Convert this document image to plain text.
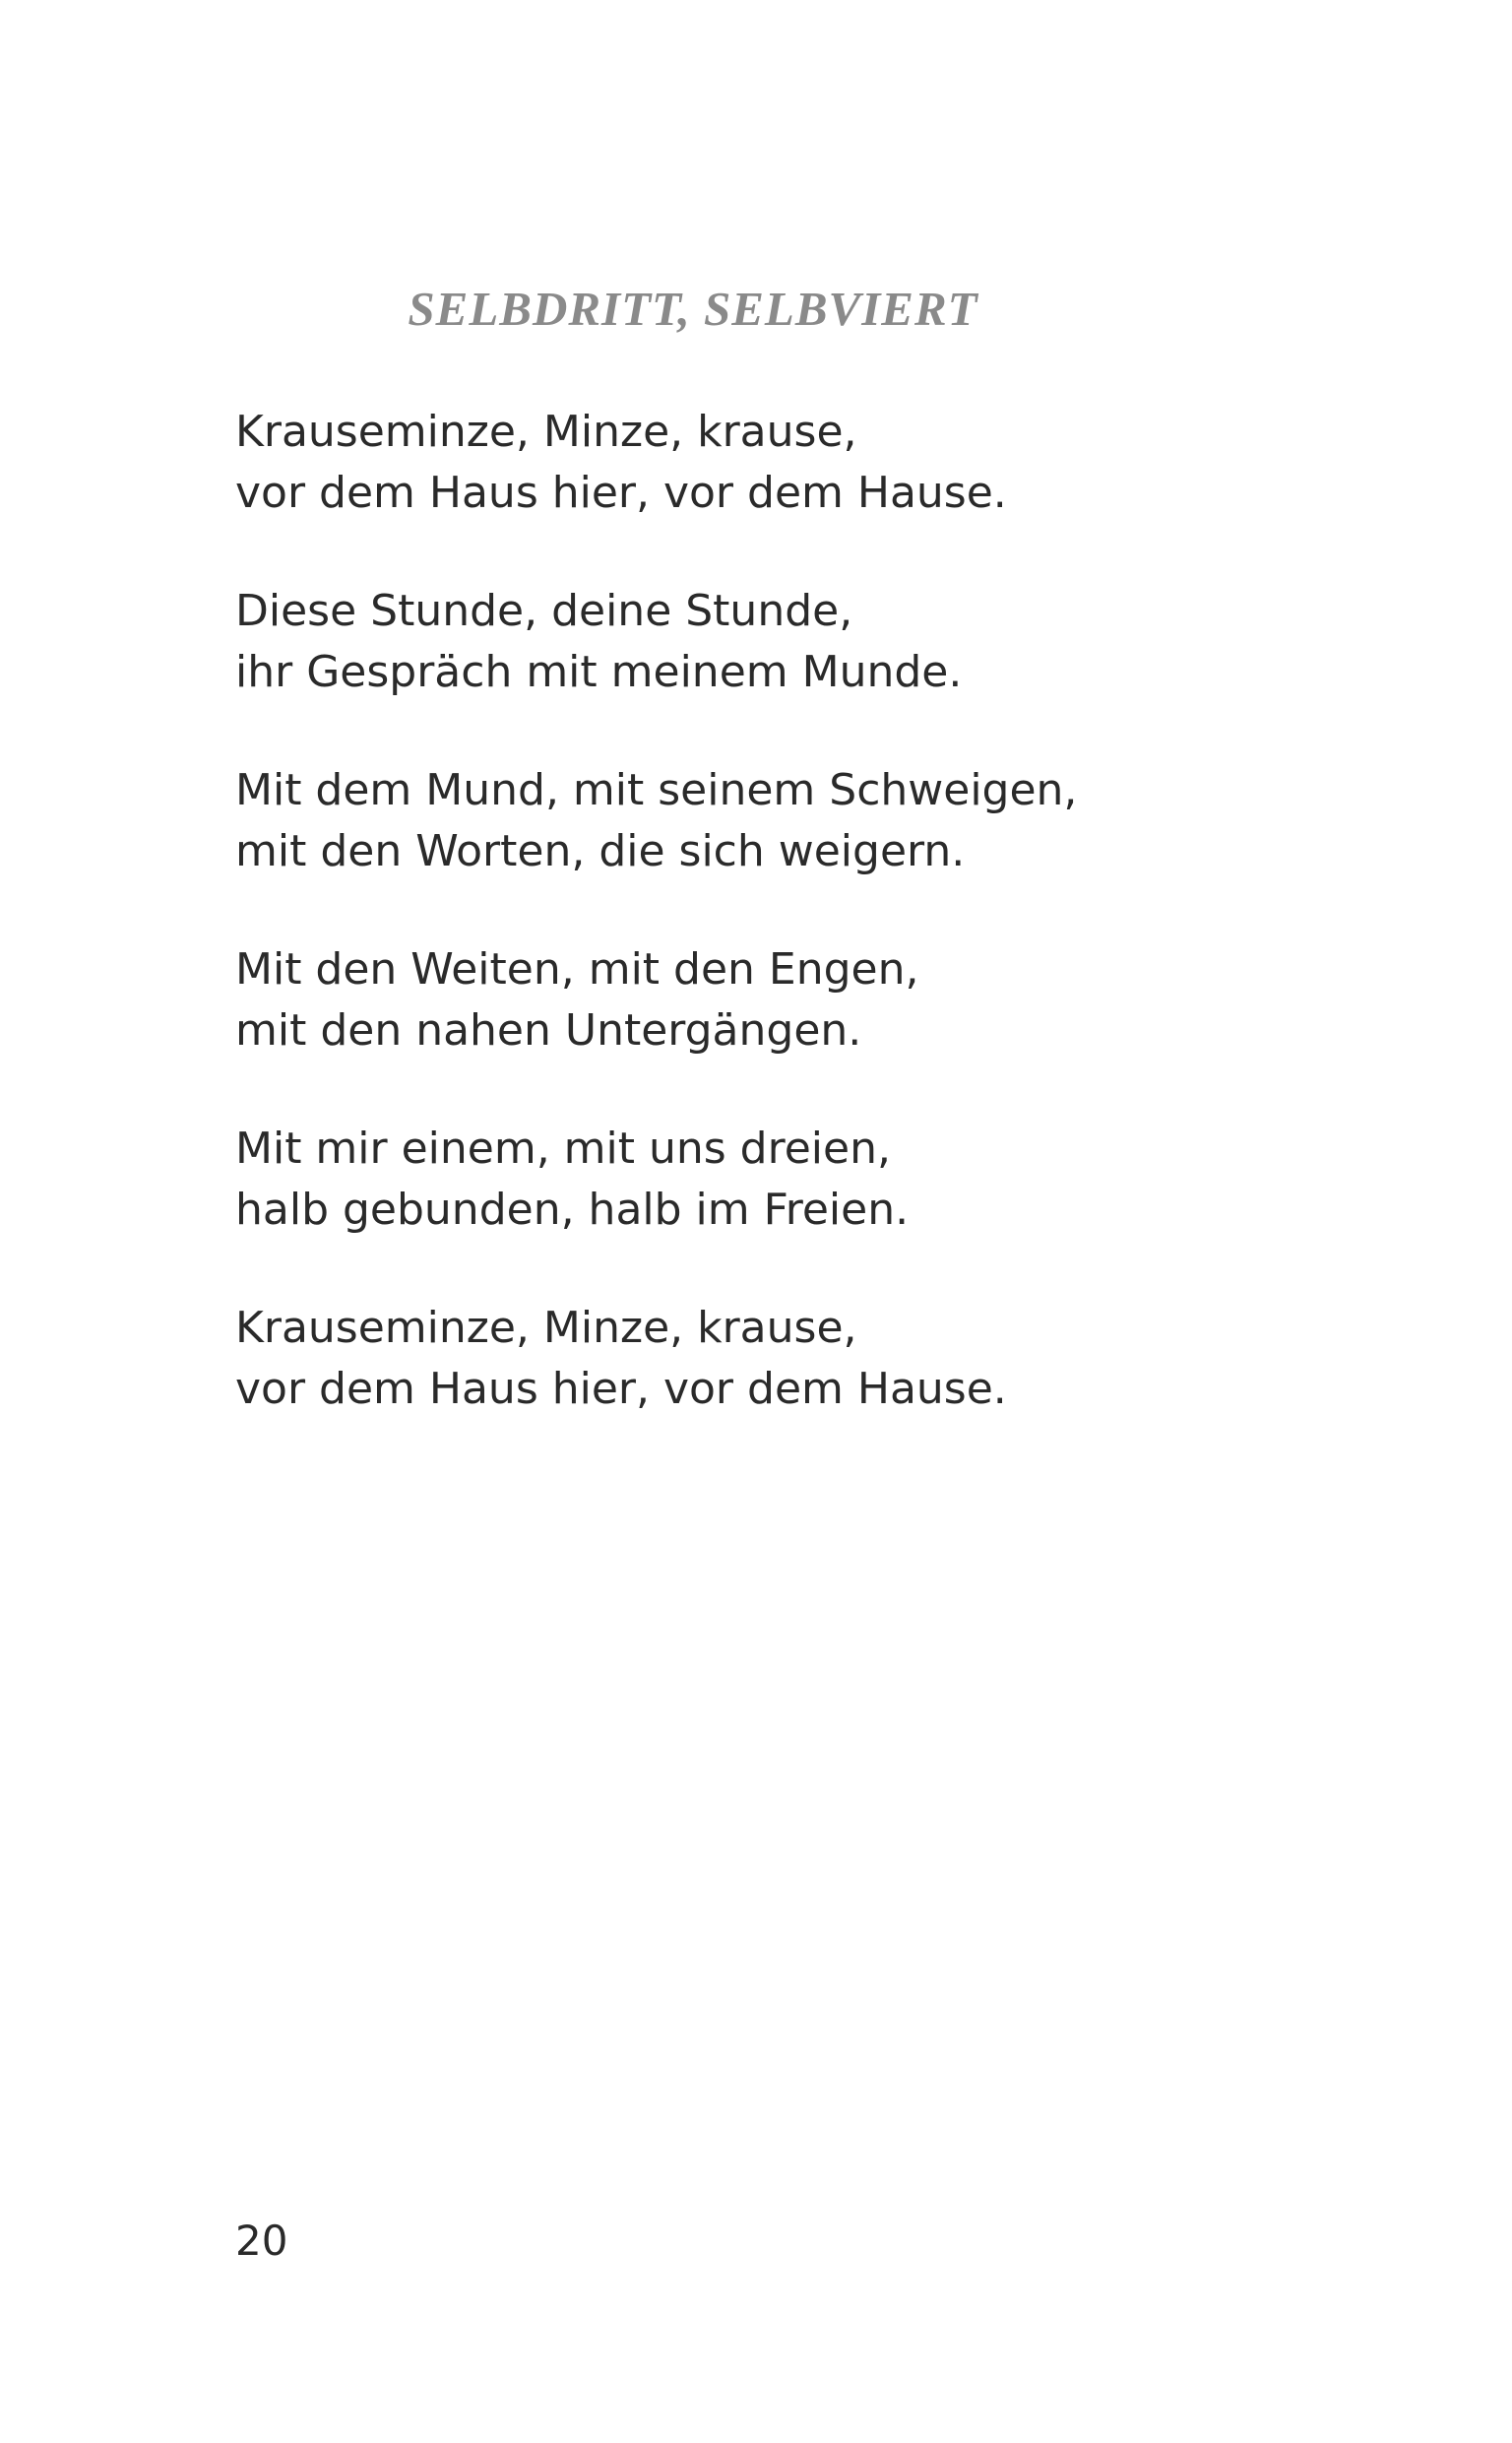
SELBDRITT, SELBVIERT

Krauseminze, Minze, krause,
vor dem Haus hier, vor dem Hause.

Diese Stunde, deine Stunde,
ihr Gespräch mit meinem Munde.

Mit dem Mund, mit seinem Schweigen,
mit den Worten, die sich weigern.

Mit den Weiten, mit den Engen,
mit den nahen Untergängen.

Mit mir einem, mit uns dreien,
halb gebunden, halb im Freien.

Krauseminze, Minze, krause,
vor dem Haus hier, vor dem Hause.

20
